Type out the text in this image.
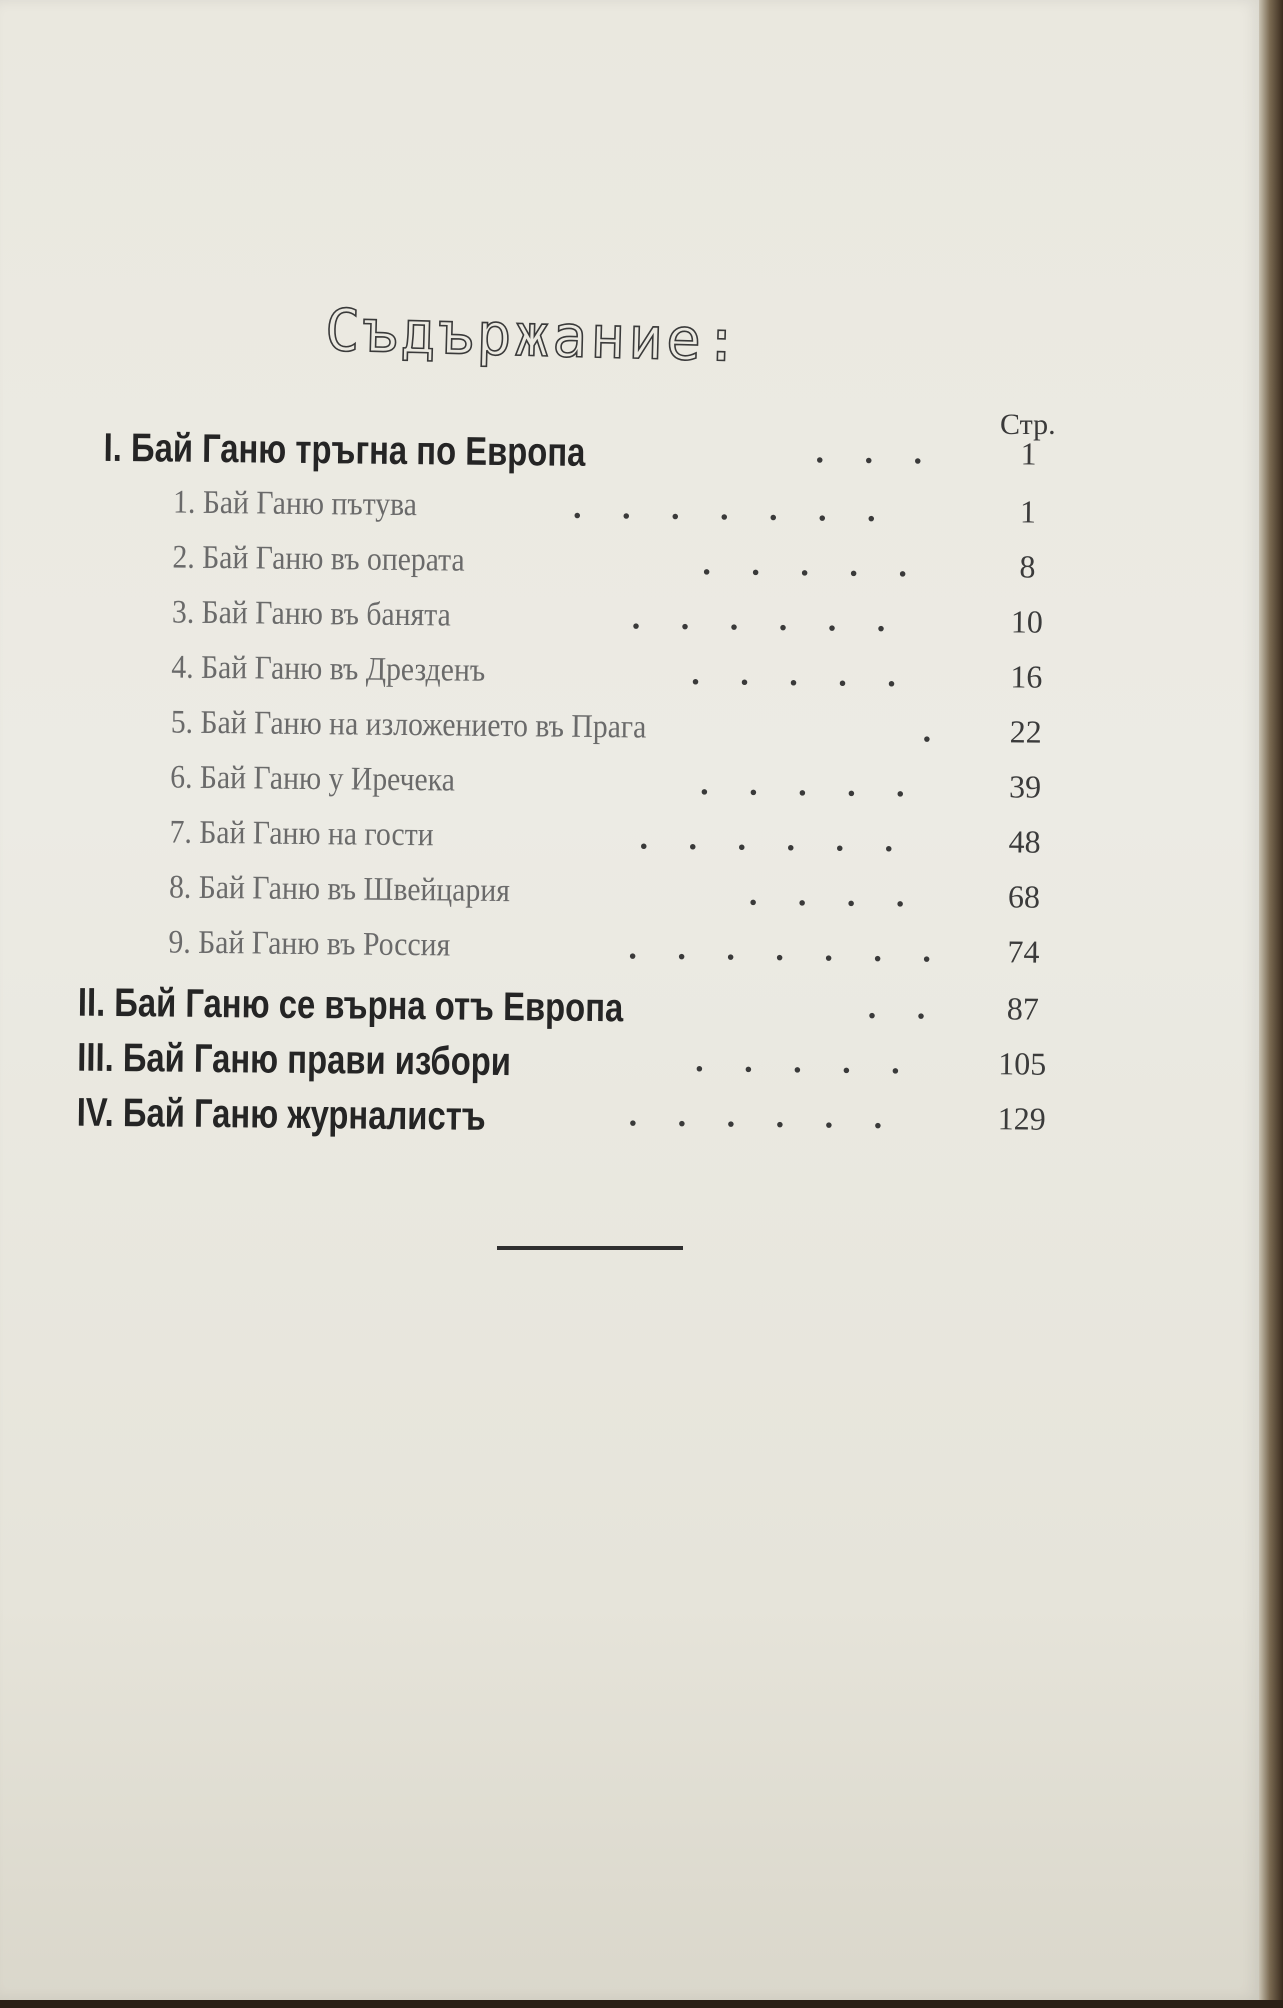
Съдържание:
Стр.
I. Бай Ганю тръгна по Европа	. . .	1
1. Бай Ганю пътува	. . . . . . .	1
2. Бай Ганю въ операта	. . . . .	8
3. Бай Ганю въ банята	. . . . . .	10
4. Бай Ганю въ Дрезденъ	. . . . .	16
5. Бай Ганю на изложението въ Прага	.	22
6. Бай Ганю у Иречека	. . . . .	39
7. Бай Ганю на гости	. . . . . .	48
8. Бай Ганю въ Швейцария	. . . .	68
9. Бай Ганю въ Россия	. . . . . . .	74
II. Бай Ганю се върна отъ Европа	. .	87
III. Бай Ганю прави избори	. . . . .	105
IV. Бай Ганю журналистъ	. . . . . .	129
